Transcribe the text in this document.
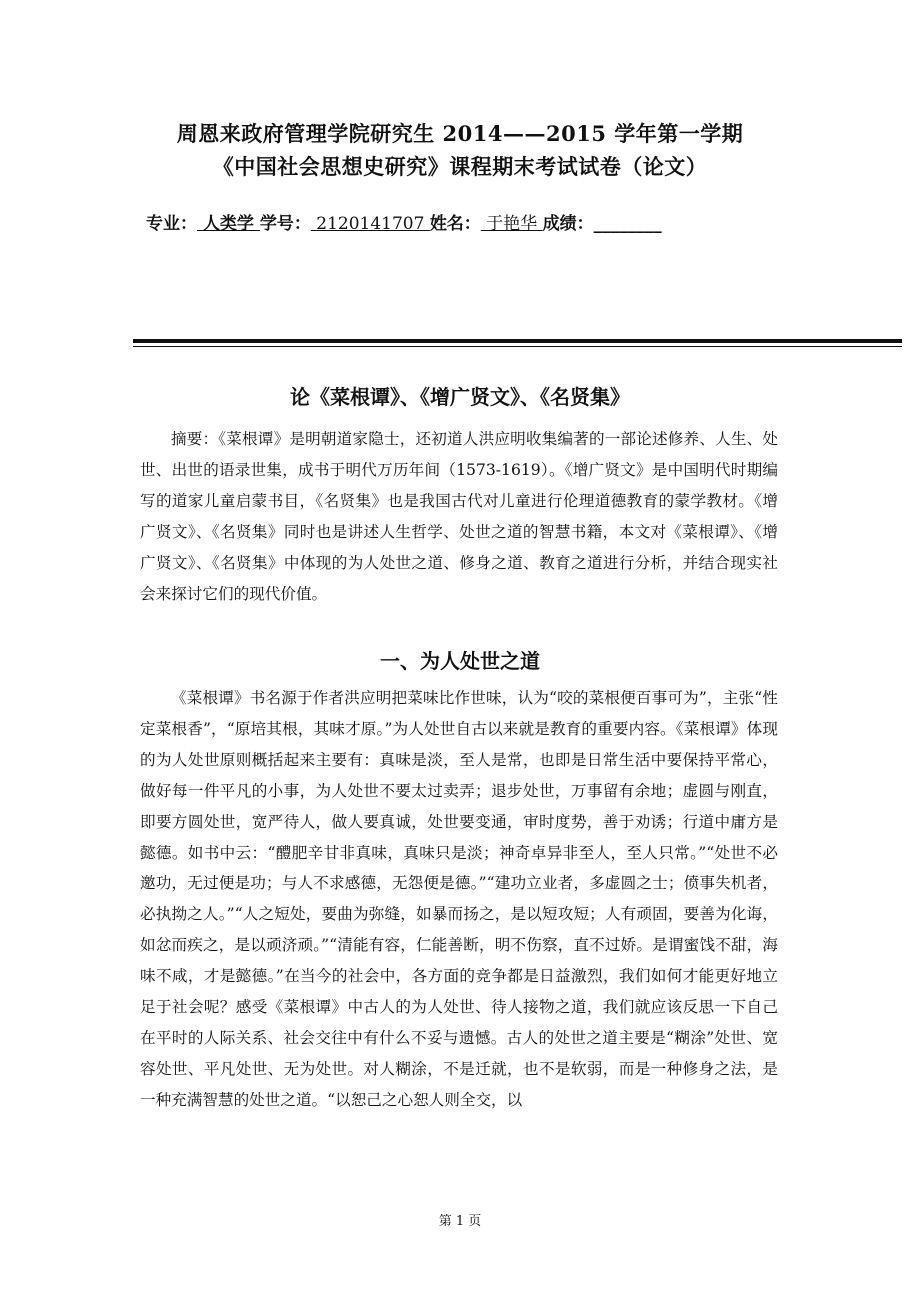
周恩来政府管理学院研究生 2014——2015 学年第一学期
《中国社会思想史研究》课程期末考试试卷（论文）
专业： 人类学 学号： 2120141707 姓名： 于艳华 成绩：________
论《菜根谭》、《增广贤文》、《名贤集》

摘要：《菜根谭》是明朝道家隐士，还初道人洪应明收集编著的一部论述修养、人生、处世、出世的语录世集，成书于明代万历年间（1573-1619）。《增广贤文》是中国明代时期编写的道家儿童启蒙书目，《名贤集》也是我国古代对儿童进行伦理道德教育的蒙学教材。《增广贤文》、《名贤集》同时也是讲述人生哲学、处世之道的智慧书籍，本文对《菜根谭》、《增广贤文》、《名贤集》中体现的为人处世之道、修身之道、教育之道进行分析，并结合现实社会来探讨它们的现代价值。

一、为人处世之道

《菜根谭》书名源于作者洪应明把菜味比作世味，认为“咬的菜根便百事可为”，主张“性定菜根香”，“原培其根，其味才原。”为人处世自古以来就是教育的重要内容。《菜根谭》体现的为人处世原则概括起来主要有：真味是淡，至人是常，也即是日常生活中要保持平常心，做好每一件平凡的小事，为人处世不要太过卖弄；退步处世，万事留有余地；虚圆与刚直，即要方圆处世，宽严待人，做人要真诚，处世要变通，审时度势，善于劝诱；行道中庸方是懿德。如书中云：“醴肥辛甘非真味，真味只是淡；神奇卓异非至人，至人只常。”“处世不必邀功，无过便是功；与人不求感德，无怨便是德。”“建功立业者，多虚圆之士；偾事失机者，必执拗之人。”“人之短处，要曲为弥缝，如暴而扬之，是以短攻短；人有顽固，要善为化诲，如忿而疾之，是以顽济顽。”“清能有容，仁能善断，明不伤察，直不过娇。是谓蜜饯不甜，海味不咸，才是懿德。”在当今的社会中，各方面的竞争都是日益激烈，我们如何才能更好地立足于社会呢？感受《菜根谭》中古人的为人处世、待人接物之道，我们就应该反思一下自己在平时的人际关系、社会交往中有什么不妥与遗憾。古人的处世之道主要是“糊涂”处世、宽容处世、平凡处世、无为处世。对人糊涂，不是迁就，也不是软弱，而是一种修身之法，是一种充满智慧的处世之道。“以恕己之心恕人则全交，以

第 1 页
